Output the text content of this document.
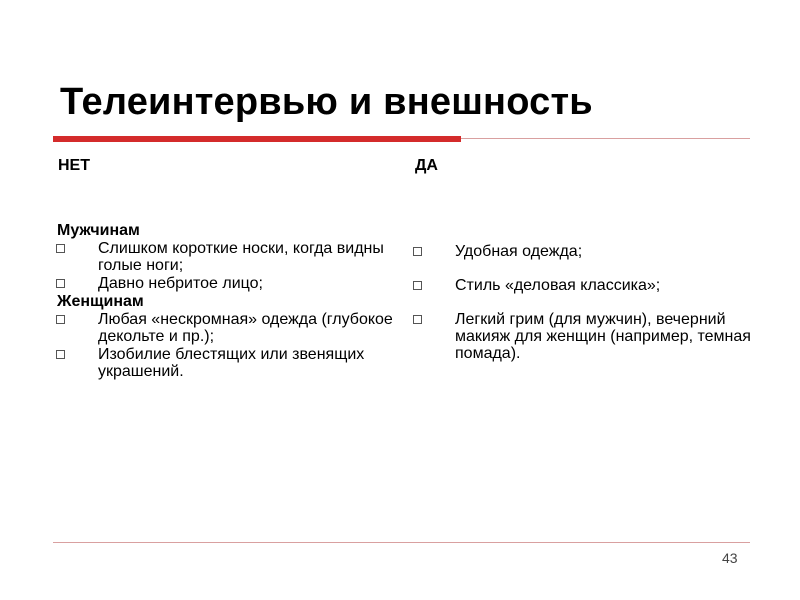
Телеинтервью и внешность
НЕТ	ДА
Мужчинам
Слишком короткие носки, когда видны голые ноги;
Давно небритое лицо;
Женщинам
Любая «нескромная» одежда (глубокое декольте и пр.);
Изобилие блестящих или звенящих украшений.
Удобная одежда;
Стиль «деловая классика»;
Легкий грим (для мужчин), вечерний макияж для женщин (например, темная помада).
43
